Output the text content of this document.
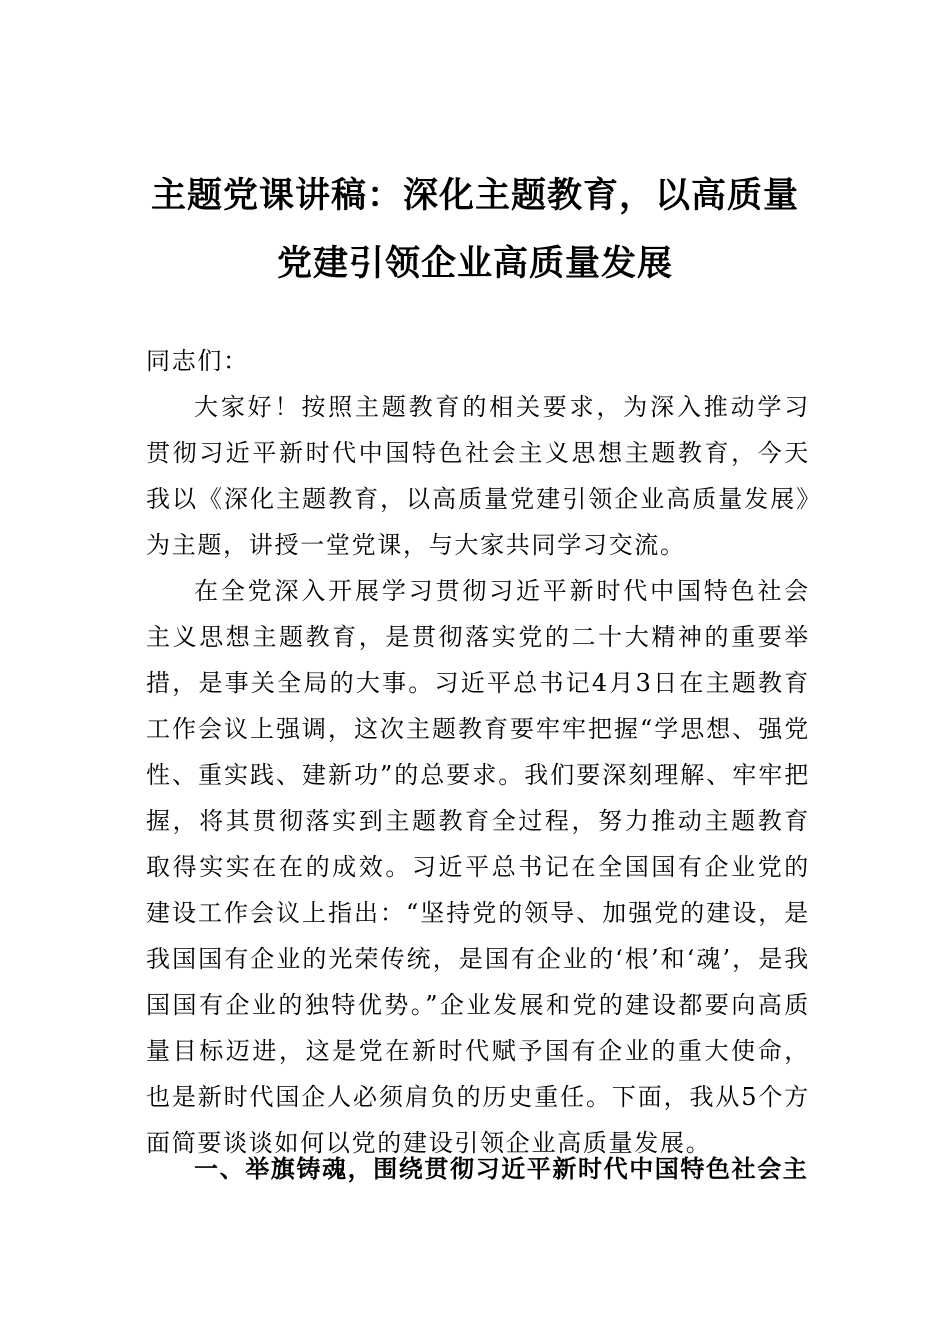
主题党课讲稿：深化主题教育，以高质量
党建引领企业高质量发展

同志们：

大家好！按照主题教育的相关要求，为深入推动学习贯彻习近平新时代中国特色社会主义思想主题教育，今天我以《深化主题教育，以高质量党建引领企业高质量发展》为主题，讲授一堂党课，与大家共同学习交流。

在全党深入开展学习贯彻习近平新时代中国特色社会主义思想主题教育，是贯彻落实党的二十大精神的重要举措，是事关全局的大事。习近平总书记4月3日在主题教育工作会议上强调，这次主题教育要牢牢把握“学思想、强党性、重实践、建新功”的总要求。我们要深刻理解、牢牢把握，将其贯彻落实到主题教育全过程，努力推动主题教育取得实实在在的成效。习近平总书记在全国国有企业党的建设工作会议上指出：“坚持党的领导、加强党的建设，是我国国有企业的光荣传统，是国有企业的‘根’和‘魂’，是我国国有企业的独特优势。”企业发展和党的建设都要向高质量目标迈进，这是党在新时代赋予国有企业的重大使命，也是新时代国企人必须肩负的历史重任。下面，我从5个方面简要谈谈如何以党的建设引领企业高质量发展。

一、举旗铸魂，围绕贯彻习近平新时代中国特色社会主
